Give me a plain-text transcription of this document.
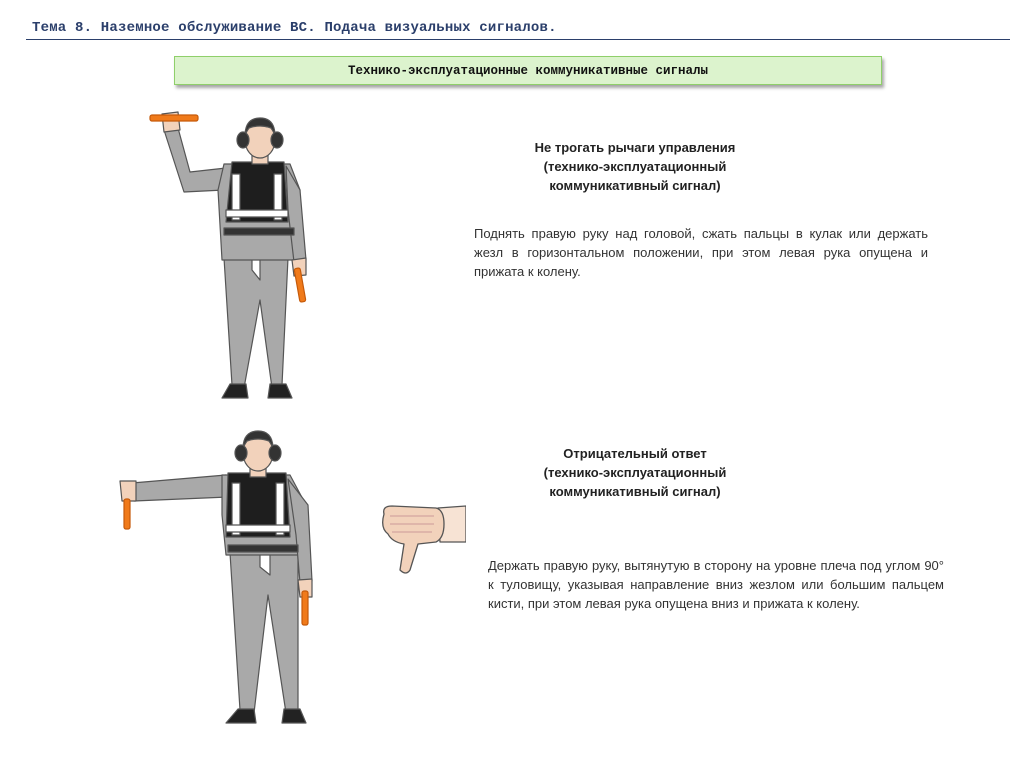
Тема 8. Наземное обслуживание ВС. Подача визуальных сигналов.
Технико-эксплуатационные коммуникативные сигналы
Не трогать рычаги управления
(технико-эксплуатационный
коммуникативный сигнал)
Поднять правую руку над головой, сжать пальцы в кулак или держать жезл в горизонтальном положении, при этом левая рука опущена и прижата к колену.
Отрицательный ответ
(технико-эксплуатационный
коммуникативный сигнал)
Держать правую руку, вытянутую в сторону на уровне плеча под углом 90° к туловищу, указывая направление вниз жезлом или большим пальцем кисти, при этом левая рука опущена вниз и прижата к колену.
